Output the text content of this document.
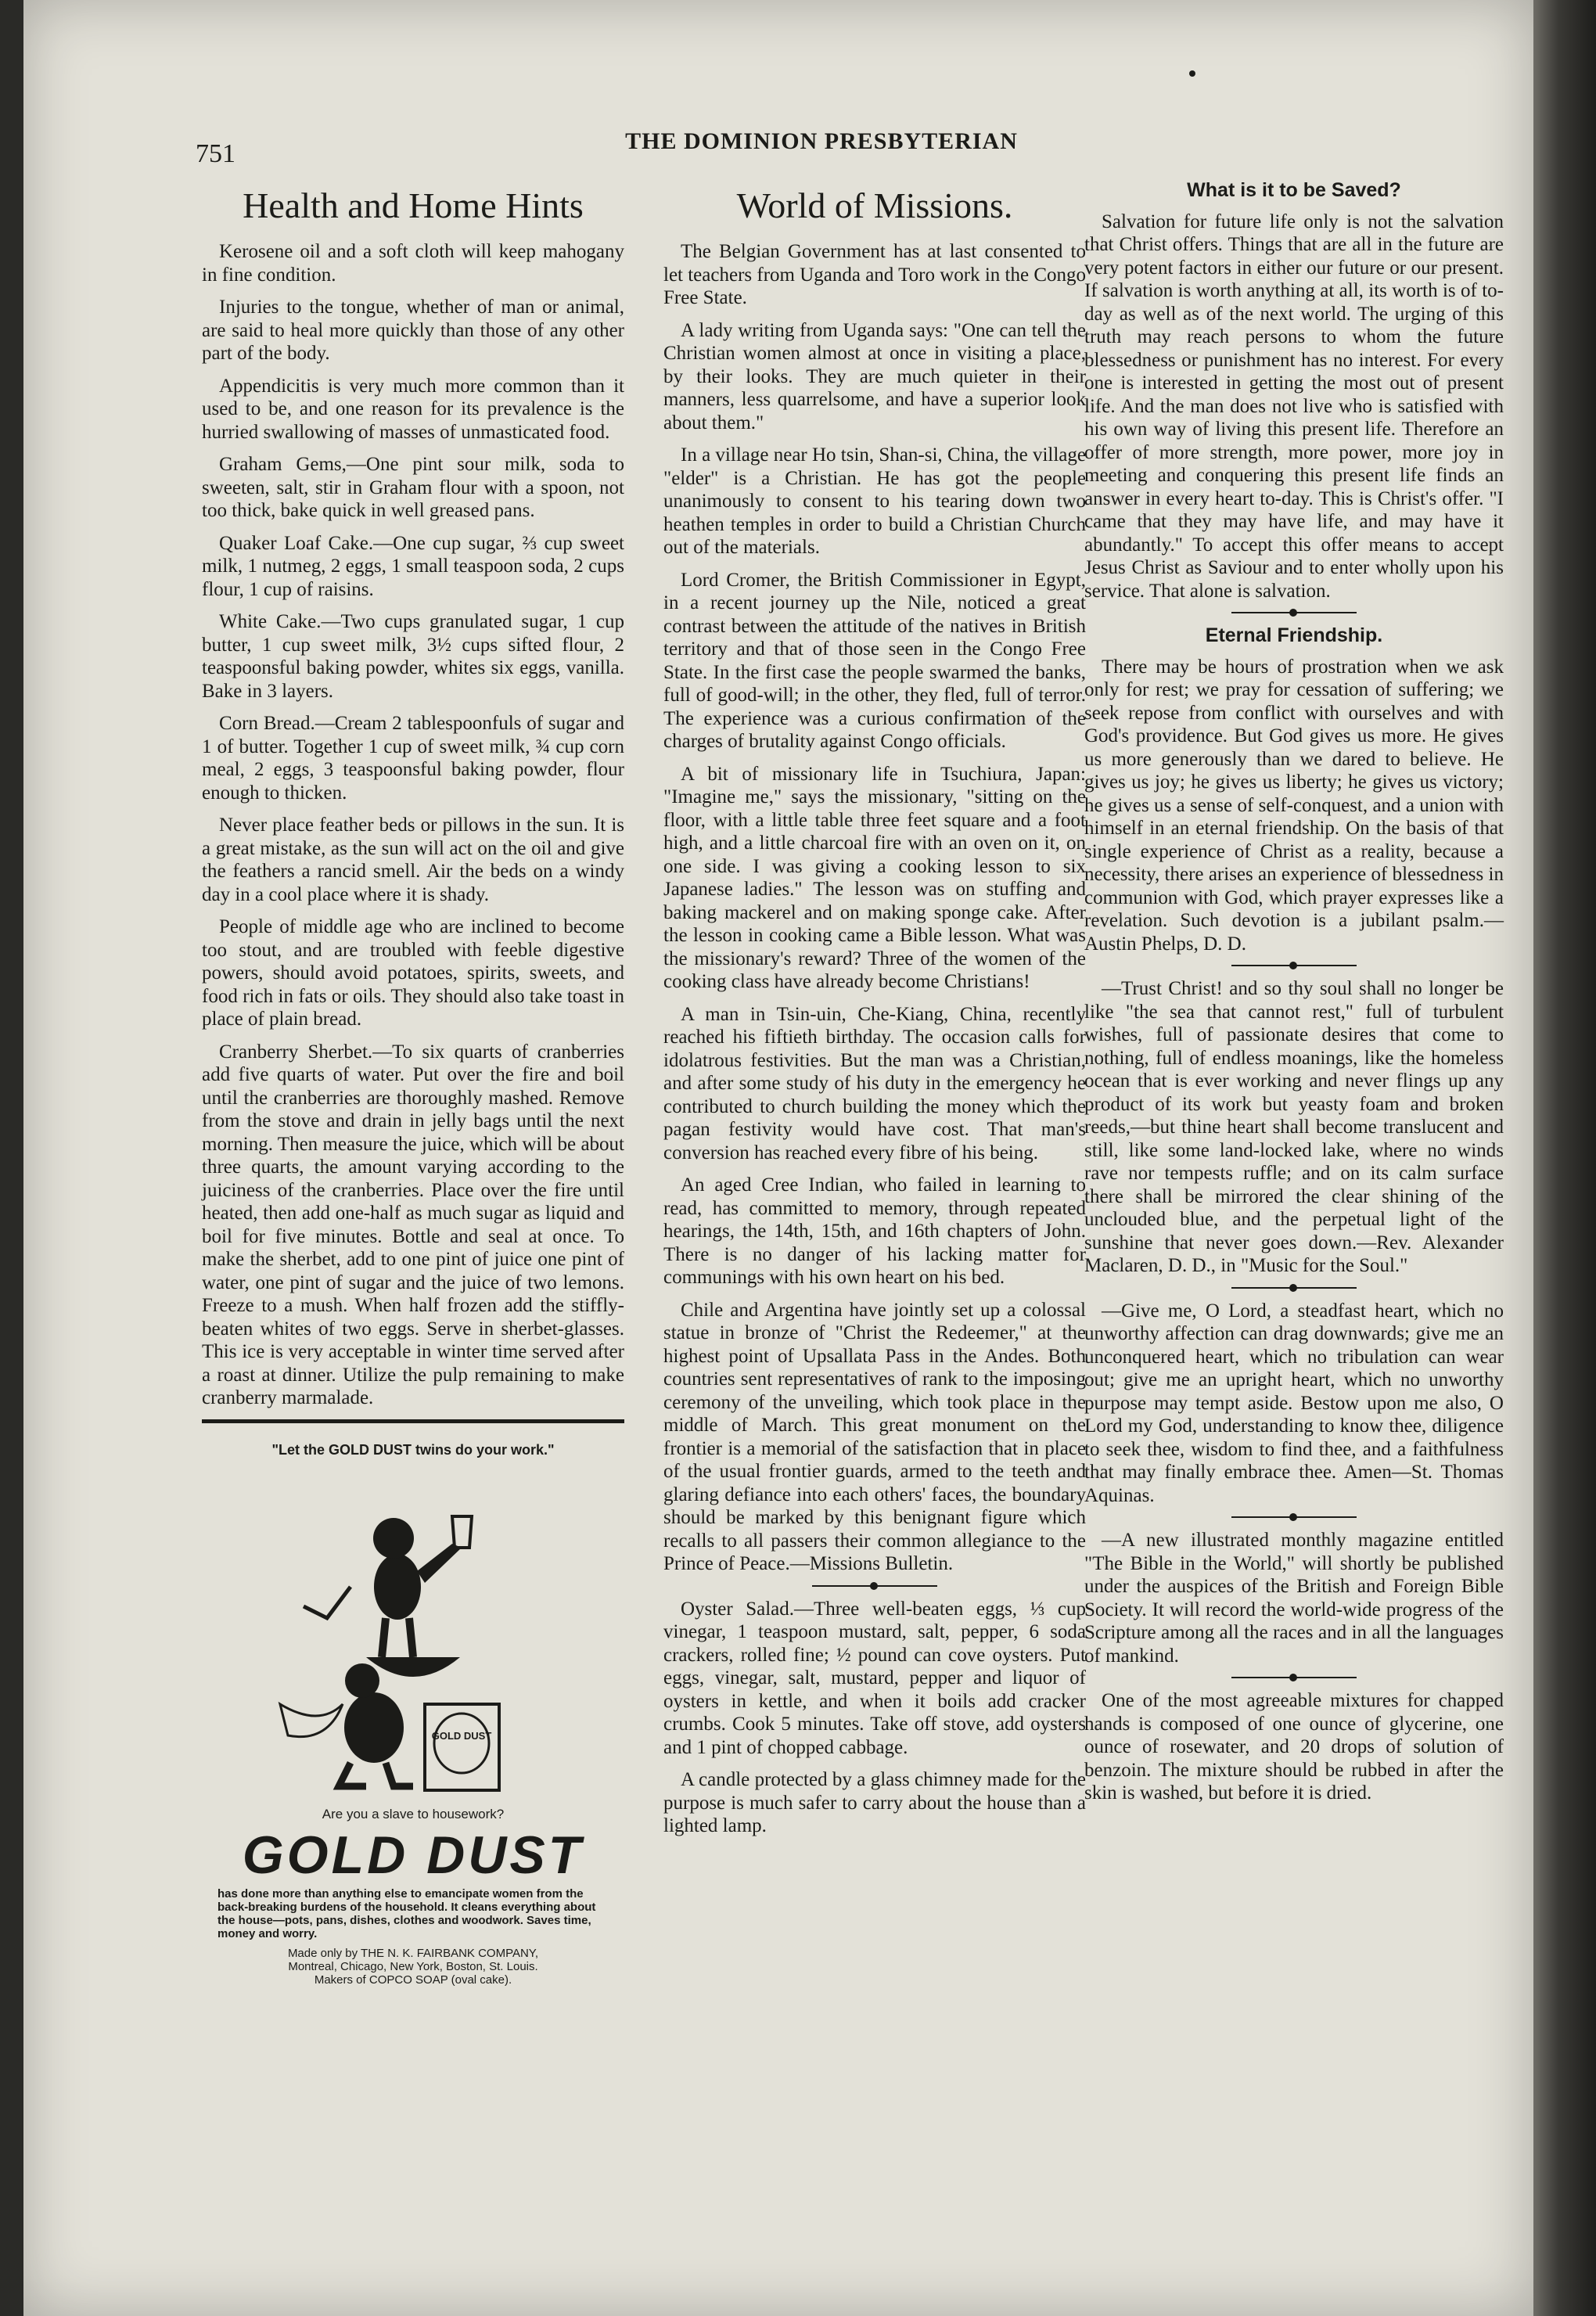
751	THE DOMINION PRESBYTERIAN
Health and Home Hints

Kerosene oil and a soft cloth will keep mahogany in fine condition.

Injuries to the tongue, whether of man or animal, are said to heal more quickly than those of any other part of the body.

Appendicitis is very much more common than it used to be, and one reason for its prevalence is the hurried swallowing of masses of unmasticated food.

Graham Gems,—One pint sour milk, soda to sweeten, salt, stir in Graham flour with a spoon, not too thick, bake quick in well greased pans.

Quaker Loaf Cake.—One cup sugar, ⅔ cup sweet milk, 1 nutmeg, 2 eggs, 1 small teaspoon soda, 2 cups flour, 1 cup of raisins.

White Cake.—Two cups granulated sugar, 1 cup butter, 1 cup sweet milk, 3½ cups sifted flour, 2 teaspoonsful baking powder, whites six eggs, vanilla. Bake in 3 layers.

Corn Bread.—Cream 2 tablespoonfuls of sugar and 1 of butter. Together 1 cup of sweet milk, ¾ cup corn meal, 2 eggs, 3 teaspoonsful baking powder, flour enough to thicken.

Never place feather beds or pillows in the sun. It is a great mistake, as the sun will act on the oil and give the feathers a rancid smell. Air the beds on a windy day in a cool place where it is shady.

People of middle age who are inclined to become too stout, and are troubled with feeble digestive powers, should avoid potatoes, spirits, sweets, and food rich in fats or oils. They should also take toast in place of plain bread.

Cranberry Sherbet.—To six quarts of cranberries add five quarts of water. Put over the fire and boil until the cranberries are thoroughly mashed. Remove from the stove and drain in jelly bags until the next morning. Then measure the juice, which will be about three quarts, the amount varying according to the juiciness of the cranberries. Place over the fire until heated, then add one-half as much sugar as liquid and boil for five minutes. Bottle and seal at once. To make the sherbet, add to one pint of juice one pint of water, one pint of sugar and the juice of two lemons. Freeze to a mush. When half frozen add the stiffly-beaten whites of two eggs. Serve in sherbet-glasses. This ice is very acceptable in winter time served after a roast at dinner. Utilize the pulp remaining to make cranberry marmalade.

"Let the GOLD DUST twins do your work."
GOLD DUST
Are you a slave to housework?
GOLD DUST
has done more than anything else to emancipate women from the back-breaking burdens of the household. It cleans everything about the house—pots, pans, dishes, clothes and woodwork. Saves time, money and worry.
Made only by THE N. K. FAIRBANK COMPANY,
Montreal, Chicago, New York, Boston, St. Louis.
Makers of COPCO SOAP (oval cake).
World of Missions.

The Belgian Government has at last consented to let teachers from Uganda and Toro work in the Congo Free State.

A lady writing from Uganda says: "One can tell the Christian women almost at once in visiting a place, by their looks. They are much quieter in their manners, less quarrelsome, and have a superior look about them."

In a village near Ho tsin, Shan-si, China, the village "elder" is a Christian. He has got the people unanimously to consent to his tearing down two heathen temples in order to build a Christian Church out of the materials.

Lord Cromer, the British Commissioner in Egypt, in a recent journey up the Nile, noticed a great contrast between the attitude of the natives in British territory and that of those seen in the Congo Free State. In the first case the people swarmed the banks, full of good-will; in the other, they fled, full of terror. The experience was a curious confirmation of the charges of brutality against Congo officials.

A bit of missionary life in Tsuchiura, Japan: "Imagine me," says the missionary, "sitting on the floor, with a little table three feet square and a foot high, and a little charcoal fire with an oven on it, on one side. I was giving a cooking lesson to six Japanese ladies." The lesson was on stuffing and baking mackerel and on making sponge cake. After the lesson in cooking came a Bible lesson. What was the missionary's reward? Three of the women of the cooking class have already become Christians!

A man in Tsin-uin, Che-Kiang, China, recently reached his fiftieth birthday. The occasion calls for idolatrous festivities. But the man was a Christian, and after some study of his duty in the emergency he contributed to church building the money which the pagan festivity would have cost. That man's conversion has reached every fibre of his being.

An aged Cree Indian, who failed in learning to read, has committed to memory, through repeated hearings, the 14th, 15th, and 16th chapters of John. There is no danger of his lacking matter for communings with his own heart on his bed.

Chile and Argentina have jointly set up a colossal statue in bronze of "Christ the Redeemer," at the highest point of Upsallata Pass in the Andes. Both countries sent representatives of rank to the imposing ceremony of the unveiling, which took place in the middle of March. This great monument on the frontier is a memorial of the satisfaction that in place of the usual frontier guards, armed to the teeth and glaring defiance into each others' faces, the boundary should be marked by this benignant figure which recalls to all passers their common allegiance to the Prince of Peace.—Missions Bulletin.

Oyster Salad.—Three well-beaten eggs, ⅓ cup vinegar, 1 teaspoon mustard, salt, pepper, 6 soda crackers, rolled fine; ½ pound can cove oysters. Put eggs, vinegar, salt, mustard, pepper and liquor of oysters in kettle, and when it boils add cracker crumbs. Cook 5 minutes. Take off stove, add oysters and 1 pint of chopped cabbage.

A candle protected by a glass chimney made for the purpose is much safer to carry about the house than a lighted lamp.

What is it to be Saved?

Salvation for future life only is not the salvation that Christ offers. Things that are all in the future are very potent factors in either our future or our present. If salvation is worth anything at all, its worth is of to-day as well as of the next world. The urging of this truth may reach persons to whom the future blessedness or punishment has no interest. For every one is interested in getting the most out of present life. And the man does not live who is satisfied with his own way of living this present life. Therefore an offer of more strength, more power, more joy in meeting and conquering this present life finds an answer in every heart to-day. This is Christ's offer. "I came that they may have life, and may have it abundantly." To accept this offer means to accept Jesus Christ as Saviour and to enter wholly upon his service. That alone is salvation.

Eternal Friendship.

There may be hours of prostration when we ask only for rest; we pray for cessation of suffering; we seek repose from conflict with ourselves and with God's providence. But God gives us more. He gives us more generously than we dared to believe. He gives us joy; he gives us liberty; he gives us victory; he gives us a sense of self-conquest, and a union with himself in an eternal friendship. On the basis of that single experience of Christ as a reality, because a necessity, there arises an experience of blessedness in communion with God, which prayer expresses like a revelation. Such devotion is a jubilant psalm.—Austin Phelps, D. D.

—Trust Christ! and so thy soul shall no longer be like "the sea that cannot rest," full of turbulent wishes, full of passionate desires that come to nothing, full of endless moanings, like the homeless ocean that is ever working and never flings up any product of its work but yeasty foam and broken reeds,—but thine heart shall become translucent and still, like some land-locked lake, where no winds rave nor tempests ruffle; and on its calm surface there shall be mirrored the clear shining of the unclouded blue, and the perpetual light of the sunshine that never goes down.—Rev. Alexander Maclaren, D. D., in "Music for the Soul."

—Give me, O Lord, a steadfast heart, which no unworthy affection can drag downwards; give me an unconquered heart, which no tribulation can wear out; give me an upright heart, which no unworthy purpose may tempt aside. Bestow upon me also, O Lord my God, understanding to know thee, diligence to seek thee, wisdom to find thee, and a faithfulness that may finally embrace thee. Amen—St. Thomas Aquinas.

—A new illustrated monthly magazine entitled "The Bible in the World," will shortly be published under the auspices of the British and Foreign Bible Society. It will record the world-wide progress of the Scripture among all the races and in all the languages of mankind.

One of the most agreeable mixtures for chapped hands is composed of one ounce of glycerine, one ounce of rosewater, and 20 drops of solution of benzoin. The mixture should be rubbed in after the skin is washed, but before it is dried.
